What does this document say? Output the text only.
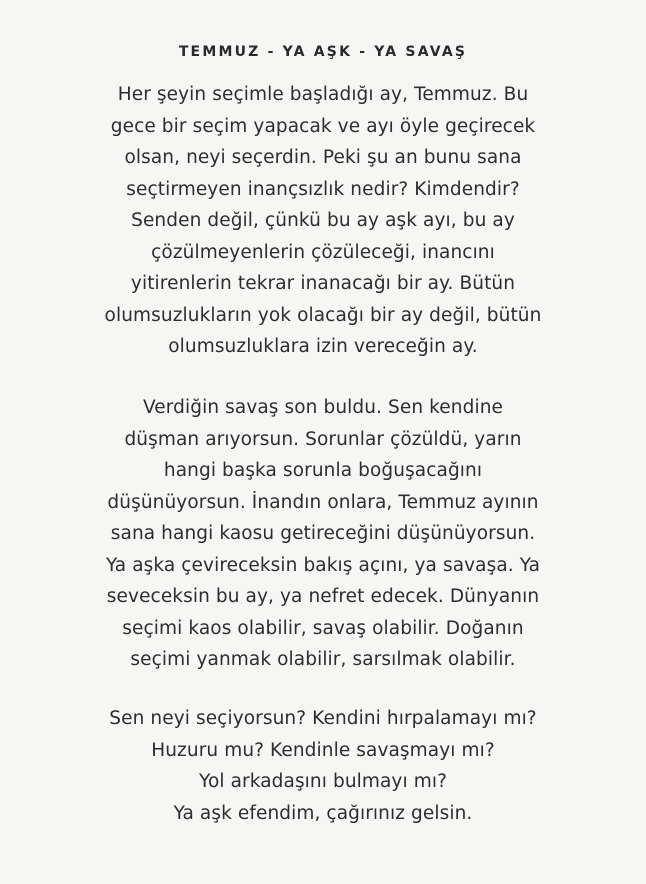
TEMMUZ - YA AŞK - YA SAVAŞ
Her şeyin seçimle başladığı ay, Temmuz. Bu
gece bir seçim yapacak ve ayı öyle geçirecek
olsan, neyi seçerdin. Peki şu an bunu sana
seçtirmeyen inançsızlık nedir? Kimdendir?
Senden değil, çünkü bu ay aşk ayı, bu ay
çözülmeyenlerin çözüleceği, inancını
yitirenlerin tekrar inanacağı bir ay. Bütün
olumsuzlukların yok olacağı bir ay değil, bütün
olumsuzluklara izin vereceğin ay.
Verdiğin savaş son buldu. Sen kendine
düşman arıyorsun. Sorunlar çözüldü, yarın
hangi başka sorunla boğuşacağını
düşünüyorsun. İnandın onlara, Temmuz ayının
sana hangi kaosu getireceğini düşünüyorsun.
Ya aşka çevireceksin bakış açını, ya savaşa. Ya
seveceksin bu ay, ya nefret edecek. Dünyanın
seçimi kaos olabilir, savaş olabilir. Doğanın
seçimi yanmak olabilir, sarsılmak olabilir.
Sen neyi seçiyorsun? Kendini hırpalamayı mı?
Huzuru mu? Kendinle savaşmayı mı?
Yol arkadaşını bulmayı mı?
Ya aşk efendim, çağırınız gelsin.
